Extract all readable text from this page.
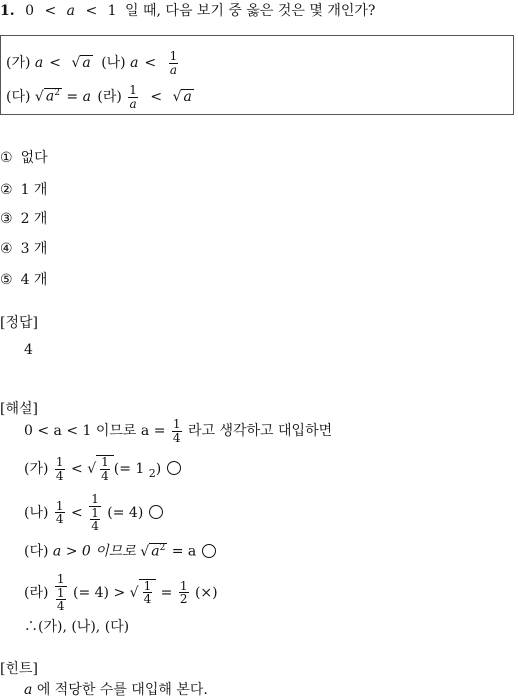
1. 0 < a < 1 일 때, 다음 보기 중 옳은 것은 몇 개인가?
(가) a < √ a (나) $a < \frac{1}{a}$
(다) √ $a^2 = a$ (라) $\frac{1}{a}$ < √ a
① 없다
② 1 개
③ 2 개
④ 3 개
⑤ 4 개
[정답]
4
[해설]
0 < a < 1 이므로 $a = \frac{1}{4}$ 라고 생각하고 대입하면
(가) $\frac{1}{4}$ < √ $\frac{1}{4}$ (= 1 $_2$)
(나) $\frac{1}{4} < \frac{1}{\frac{1}{4}}$ (= 4)
(다) a > 0 이므로 √ $a^2 = a$
(라) $\frac{1}{\frac{1}{4}}$ (= 4) > √ $\frac{1}{4} = \frac{1}{2}$ (×)
∴(가), (나), (다)
[힌트]
a 에 적당한 수를 대입해 본다.
